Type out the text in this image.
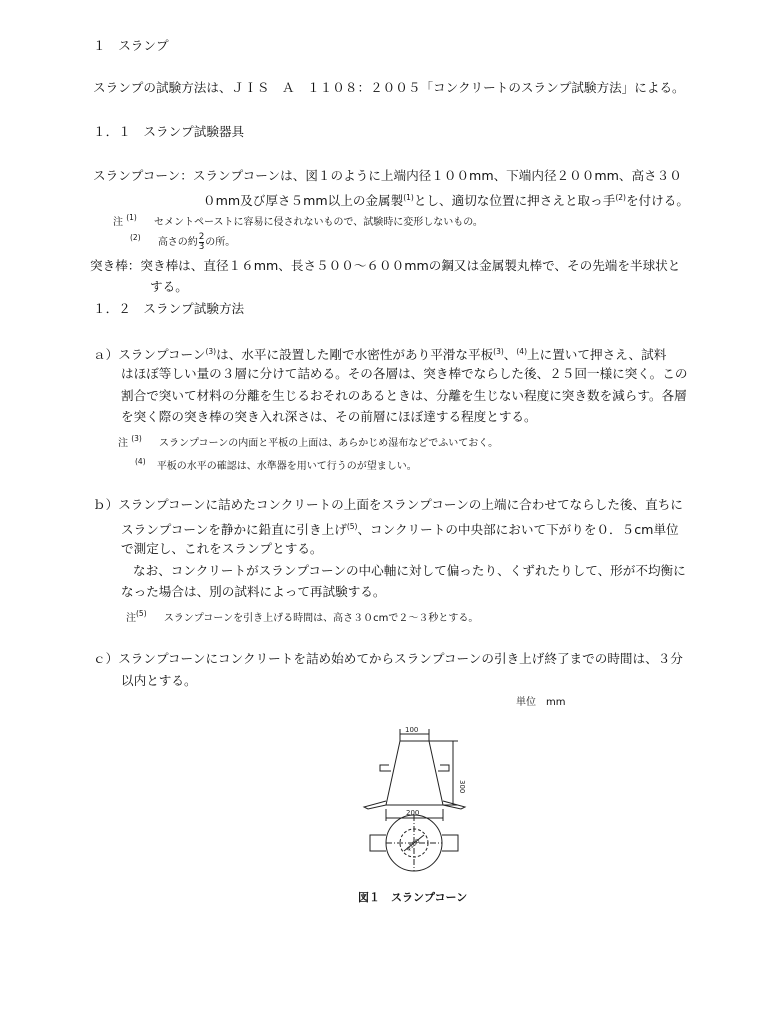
１　スランプ
スランプの試験方法は、ＪＩＳ　Ａ　１１０８：２００５「コンクリートのスランプ試験方法」による。
１．１　スランプ試験器具
スランプコーン：スランプコーンは、図１のように上端内径１００mm、下端内径２００mm、高さ３０
０mm及び厚さ５mm以上の金属製$^{(1)}$とし、適切な位置に押さえと取っ手$^{(2)}$を付ける。
注 $^{(1)}$ セメントペーストに容易に侵されないもので、試験時に変形しないもの。
$^{(2)}$ 高さの約 $\frac{2}{3}$ の所。
突き棒：突き棒は、直径１６mm、長さ５００～６００mmの鋼又は金属製丸棒で、その先端を半球状と
する。
１．２　スランプ試験方法
ａ）スランプコーン$^{(3)}$は、水平に設置した剛で水密性があり平滑な平板$^{(3)}$、$^{(4)}$上に置いて押さえ、試料
はほぼ等しい量の３層に分けて詰める。その各層は、突き棒でならした後、２５回一様に突く。この
割合で突いて材料の分離を生じるおそれのあるときは、分離を生じない程度に突き数を減らす。各層
を突く際の突き棒の突き入れ深さは、その前層にほぼ達する程度とする。
注 $^{(3)}$ スランプコーンの内面と平板の上面は、あらかじめ湿布などでふいておく。
$^{(4)}$ 平板の水平の確認は、水準器を用いて行うのが望ましい。
ｂ）スランプコーンに詰めたコンクリートの上面をスランプコーンの上端に合わせてならした後、直ちに
スランプコーンを静かに鉛直に引き上げ$^{(5)}$、コンクリートの中央部において下がりを０．５cm単位
で測定し、これをスランプとする。
なお、コンクリートがスランプコーンの中心軸に対して偏ったり、くずれたりして、形が不均衡に
なった場合は、別の試料によって再試験する。
注$^{(5)}$ スランプコーンを引き上げる時間は、高さ３０cmで２～３秒とする。
ｃ）スランプコーンにコンクリートを詰め始めてからスランプコーンの引き上げ終了までの時間は、３分
以内とする。
単位　mm
100
300
200
φ100
図１　スランプコーン
